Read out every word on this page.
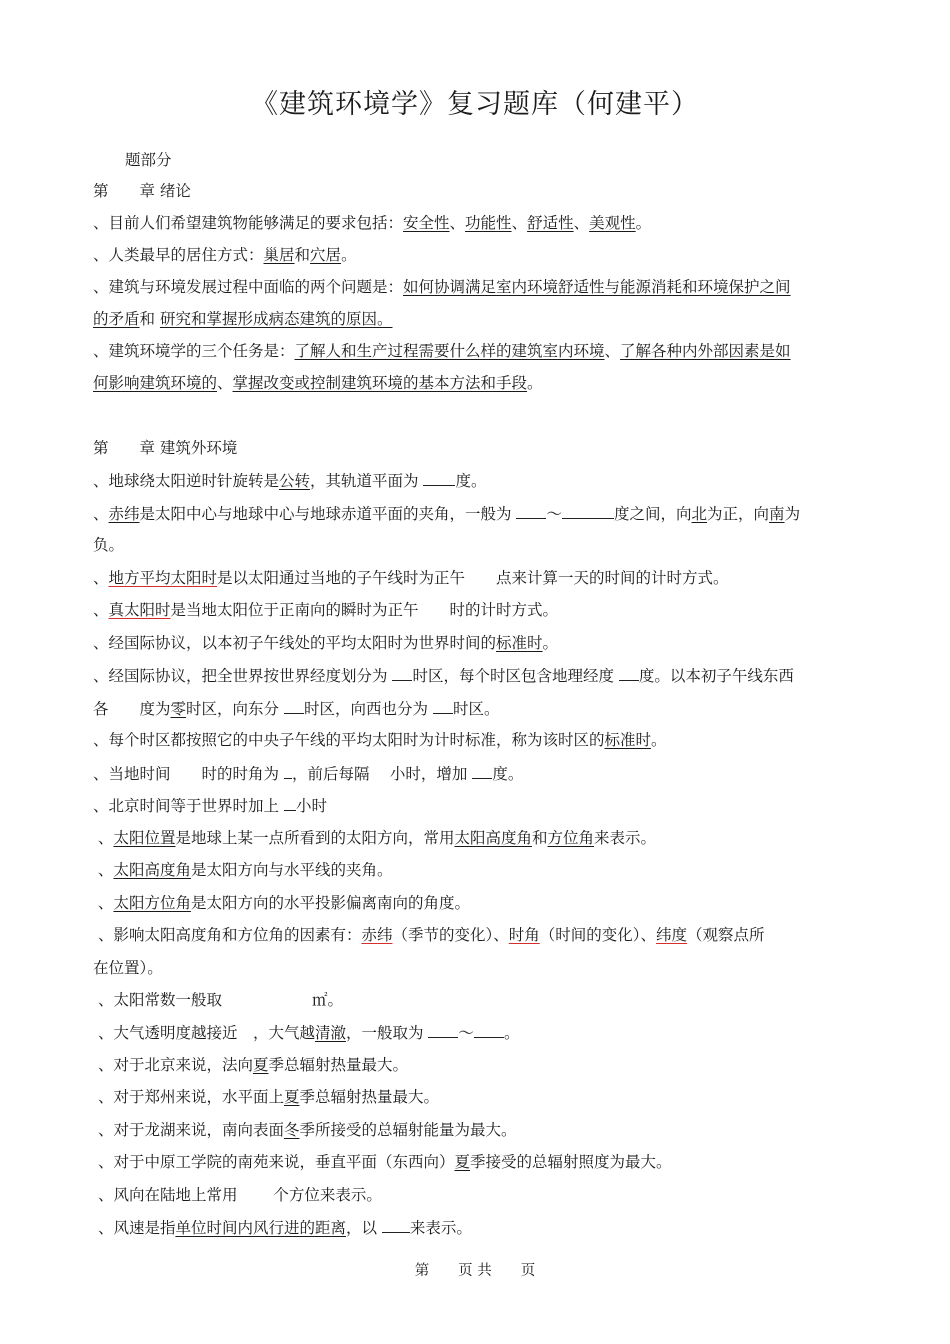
《建筑环境学》复习题库（何建平）
题部分
第　　章 绪论
、目前人们希望建筑物能够满足的要求包括：安全性、功能性、舒适性、美观性。
、人类最早的居住方式：巢居和穴居。
、建筑与环境发展过程中面临的两个问题是：如何协调满足室内环境舒适性与能源消耗和环境保护之间
的矛盾和 研究和掌握形成病态建筑的原因。
、建筑环境学的三个任务是：了解人和生产过程需要什么样的建筑室内环境、了解各种内外部因素是如
何影响建筑环境的、掌握改变或控制建筑环境的基本方法和手段。
第　　章 建筑外环境
、地球绕太阳逆时针旋转是公转，其轨道平面为 度。
、赤纬是太阳中心与地球中心与地球赤道平面的夹角，一般为 ～	度之间，向北为正，向南为
负。
、地方平均太阳时是以太阳通过当地的子午线时为正午　　点来计算一天的时间的计时方式。
、真太阳时是当地太阳位于正南向的瞬时为正午　　时的计时方式。
、经国际协议，以本初子午线处的平均太阳时为世界时间的标准时。
、经国际协议，把全世界按世界经度划分为 时区，每个时区包含地理经度 度。以本初子午线东西
各　　度为零时区，向东分 时区，向西也分为 时区。
、每个时区都按照它的中央子午线的平均太阳时为计时标准，称为该时区的标准时。
、当地时间　　时的时角为 ，前后每隔　 小时，增加 度。
、北京时间等于世界时加上 小时
、太阳位置是地球上某一点所看到的太阳方向，常用太阳高度角和方位角来表示。
、太阳高度角是太阳方向与水平线的夹角。
、太阳方位角是太阳方向的水平投影偏离南向的角度。
、影响太阳高度角和方位角的因素有：赤纬（季节的变化）、时角（时间的变化）、纬度（观察点所
在位置）。
、太阳常数一般取	㎡。
、大气透明度越接近　，大气越清澈，一般取为 ～ 。
、对于北京来说，法向夏季总辐射热量最大。
、对于郑州来说，水平面上夏季总辐射热量最大。
、对于龙湖来说，南向表面冬季所接受的总辐射能量为最大。
、对于中原工学院的南苑来说，垂直平面（东西向）夏季接受的总辐射照度为最大。
、风向在陆地上常用　　 个方位来表示。
、风速是指单位时间内风行进的距离，以 来表示。
第　　页 共　　页
